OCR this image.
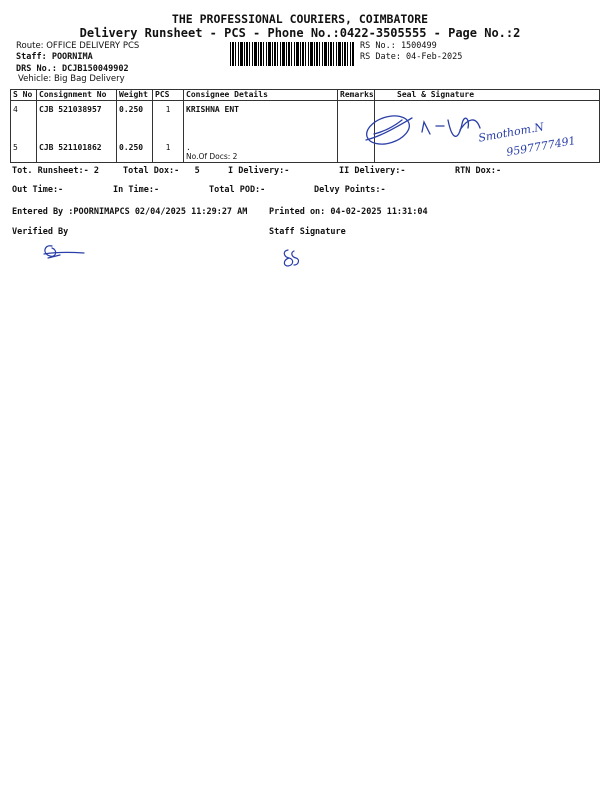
THE PROFESSIONAL COURIERS, COIMBATORE
Delivery Runsheet - PCS - Phone No.:0422-3505555 - Page No.:2
Route: OFFICE DELIVERY PCS
Staff: POORNIMA
DRS No.: DCJB150049902
Vehicle: Big Bag Delivery
RS No.: 1500499
RS Date: 04-Feb-2025
S No	Consignment No	Weight	PCS	Consignee Details	Remarks	Seal & Signature
4	CJB 521038957	0.250	1	KRISHNA ENT		
5	CJB 521101862	0.250	1	.
No.Of Docs: 2		

Smothom.N
9597777491
Tot. Runsheet:- 2	Total Dox:-   5	I Delivery:-	II Delivery:-	RTN Dox:-
Out Time:-	In Time:-	Total POD:-	Delvy Points:-
Entered By :POORNIMAPCS 02/04/2025 11:29:27 AM	Printed on: 04-02-2025 11:31:04
Verified By	Staff Signature
